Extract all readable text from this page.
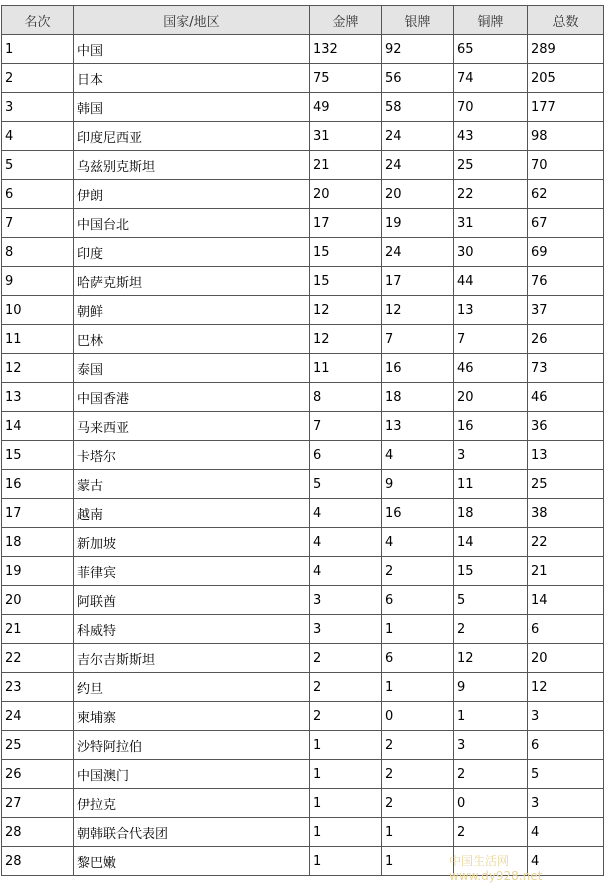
名次	国家/地区	金牌	银牌	铜牌	总数
1	中国	132	92	65	289
2	日本	75	56	74	205
3	韩国	49	58	70	177
4	印度尼西亚	31	24	43	98
5	乌兹别克斯坦	21	24	25	70
6	伊朗	20	20	22	62
7	中国台北	17	19	31	67
8	印度	15	24	30	69
9	哈萨克斯坦	15	17	44	76
10	朝鲜	12	12	13	37
11	巴林	12	7	7	26
12	泰国	11	16	46	73
13	中国香港	8	18	20	46
14	马来西亚	7	13	16	36
15	卡塔尔	6	4	3	13
16	蒙古	5	9	11	25
17	越南	4	16	18	38
18	新加坡	4	4	14	22
19	菲律宾	4	2	15	21
20	阿联酋	3	6	5	14
21	科威特	3	1	2	6
22	吉尔吉斯斯坦	2	6	12	20
23	约旦	2	1	9	12
24	柬埔寨	2	0	1	3
25	沙特阿拉伯	1	2	3	6
26	中国澳门	1	2	2	5
27	伊拉克	1	2	0	3
28	朝韩联合代表团	1	1	2	4
28	黎巴嫩	1	1		4
中国生活网 www.dy928.net
